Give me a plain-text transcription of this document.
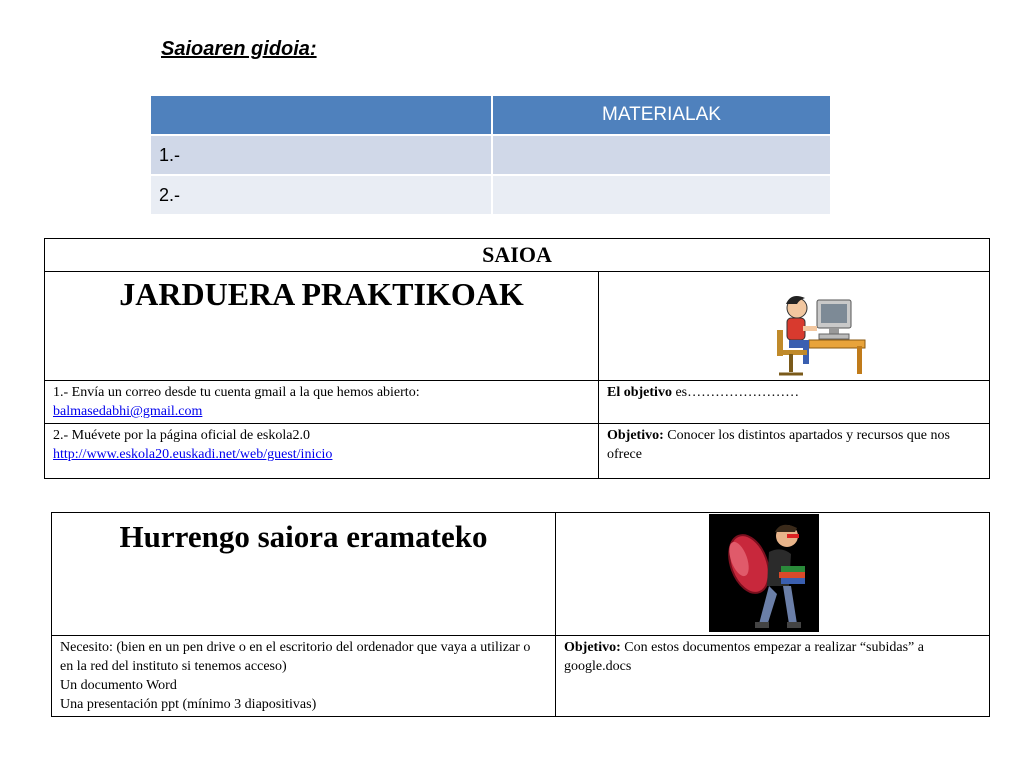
Saioaren gidoia:
	MATERIALAK
1.-	
2.-	
SAIOA	
JARDUERA PRAKTIKOAK	

1.- Envía un correo desde tu cuenta gmail a la que hemos abierto:
balmasedabhi@gmail.com	El objetivo es……………………

2.- Muévete por la página oficial de eskola2.0
http://www.eskola20.euskadi.net/web/guest/inicio	Objetivo: Conocer los distintos apartados y recursos que nos ofrece
Hurrengo saiora eramateko	

Necesito: (bien en un pen drive o en el escritorio del ordenador que vaya a utilizar o en la red del instituto si tenemos acceso)
Un documento Word
Una presentación ppt (mínimo 3 diapositivas)	Objetivo: Con estos documentos empezar a realizar “subidas” a google.docs
